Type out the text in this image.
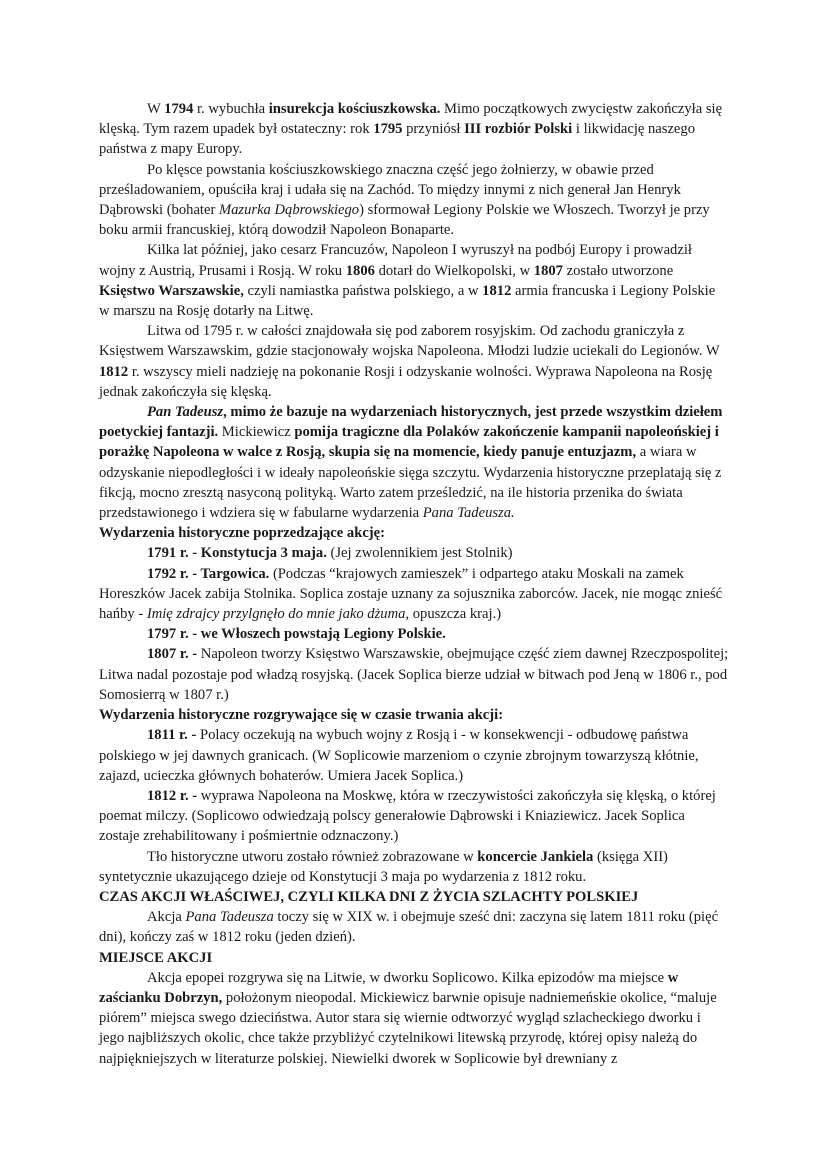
W 1794 r. wybuchła insurekcja kościuszkowska. Mimo początkowych zwycięstw zakończyła się klęską. Tym razem upadek był ostateczny: rok 1795 przyniósł III rozbiór Polski i likwidację naszego państwa z mapy Europy.

Po klęsce powstania kościuszkowskiego znaczna część jego żołnierzy, w obawie przed prześladowaniem, opuściła kraj i udała się na Zachód. To między innymi z nich generał Jan Henryk Dąbrowski (bohater Mazurka Dąbrowskiego) sformował Legiony Polskie we Włoszech. Tworzył je przy boku armii francuskiej, którą dowodził Napoleon Bonaparte.

Kilka lat później, jako cesarz Francuzów, Napoleon I wyruszył na podbój Europy i prowadził wojny z Austrią, Prusami i Rosją. W roku 1806 dotarł do Wielkopolski, w 1807 zostało utworzone Księstwo Warszawskie, czyli namiastka państwa polskiego, a w 1812 armia francuska i Legiony Polskie w marszu na Rosję dotarły na Litwę.

Litwa od 1795 r. w całości znajdowała się pod zaborem rosyjskim. Od zachodu graniczyła z Księstwem Warszawskim, gdzie stacjonowały wojska Napoleona. Młodzi ludzie uciekali do Legionów. W 1812 r. wszyscy mieli nadzieję na pokonanie Rosji i odzyskanie wolności. Wyprawa Napoleona na Rosję jednak zakończyła się klęską.

Pan Tadeusz, mimo że bazuje na wydarzeniach historycznych, jest przede wszystkim dziełem poetyckiej fantazji. Mickiewicz pomija tragiczne dla Polaków zakończenie kampanii napoleońskiej i porażkę Napoleona w walce z Rosją, skupia się na momencie, kiedy panuje entuzjazm, a wiara w odzyskanie niepodległości i w ideały napoleońskie sięga szczytu. Wydarzenia historyczne przeplatają się z fikcją, mocno zresztą nasyconą polityką. Warto zatem prześledzić, na ile historia przenika do świata przedstawionego i wdziera się w fabularne wydarzenia Pana Tadeusza.

Wydarzenia historyczne poprzedzające akcję:

1791 r. - Konstytucja 3 maja. (Jej zwolennikiem jest Stolnik)

1792 r. - Targowica. (Podczas “krajowych zamieszek” i odpartego ataku Moskali na zamek Horeszków Jacek zabija Stolnika. Soplica zostaje uznany za sojusznika zaborców. Jacek, nie mogąc znieść hańby - Imię zdrajcy przylgnęło do mnie jako dżuma, opuszcza kraj.)

1797 r. - we Włoszech powstają Legiony Polskie.

1807 r. - Napoleon tworzy Księstwo Warszawskie, obejmujące część ziem dawnej Rzeczpospolitej; Litwa nadal pozostaje pod władzą rosyjską. (Jacek Soplica bierze udział w bitwach pod Jeną w 1806 r., pod Somosierrą w 1807 r.)

Wydarzenia historyczne rozgrywające się w czasie trwania akcji:

1811 r. - Polacy oczekują na wybuch wojny z Rosją i - w konsekwencji - odbudowę państwa polskiego w jej dawnych granicach. (W Soplicowie marzeniom o czynie zbrojnym towarzyszą kłótnie, zajazd, ucieczka głównych bohaterów. Umiera Jacek Soplica.)

1812 r. - wyprawa Napoleona na Moskwę, która w rzeczywistości zakończyła się klęską, o której poemat milczy. (Soplicowo odwiedzają polscy generałowie Dąbrowski i Kniaziewicz. Jacek Soplica zostaje zrehabilitowany i pośmiertnie odznaczony.)

Tło historyczne utworu zostało również zobrazowane w koncercie Jankiela (księga XII) syntetycznie ukazującego dzieje od Konstytucji 3 maja po wydarzenia z 1812 roku.

CZAS AKCJI WŁAŚCIWEJ, CZYLI KILKA DNI Z ŻYCIA SZLACHTY POLSKIEJ

Akcja Pana Tadeusza toczy się w XIX w. i obejmuje sześć dni: zaczyna się latem 1811 roku (pięć dni), kończy zaś w 1812 roku (jeden dzień).

MIEJSCE AKCJI

Akcja epopei rozgrywa się na Litwie, w dworku Soplicowo. Kilka epizodów ma miejsce w zaścianku Dobrzyn, położonym nieopodal. Mickiewicz barwnie opisuje nadniemeńskie okolice, “maluje piórem” miejsca swego dzieciństwa. Autor stara się wiernie odtworzyć wygląd szlacheckiego dworku i jego najbliższych okolic, chce także przybliżyć czytelnikowi litewską przyrodę, której opisy należą do najpiękniejszych w literaturze polskiej. Niewielki dworek w Soplicowie był drewniany z
